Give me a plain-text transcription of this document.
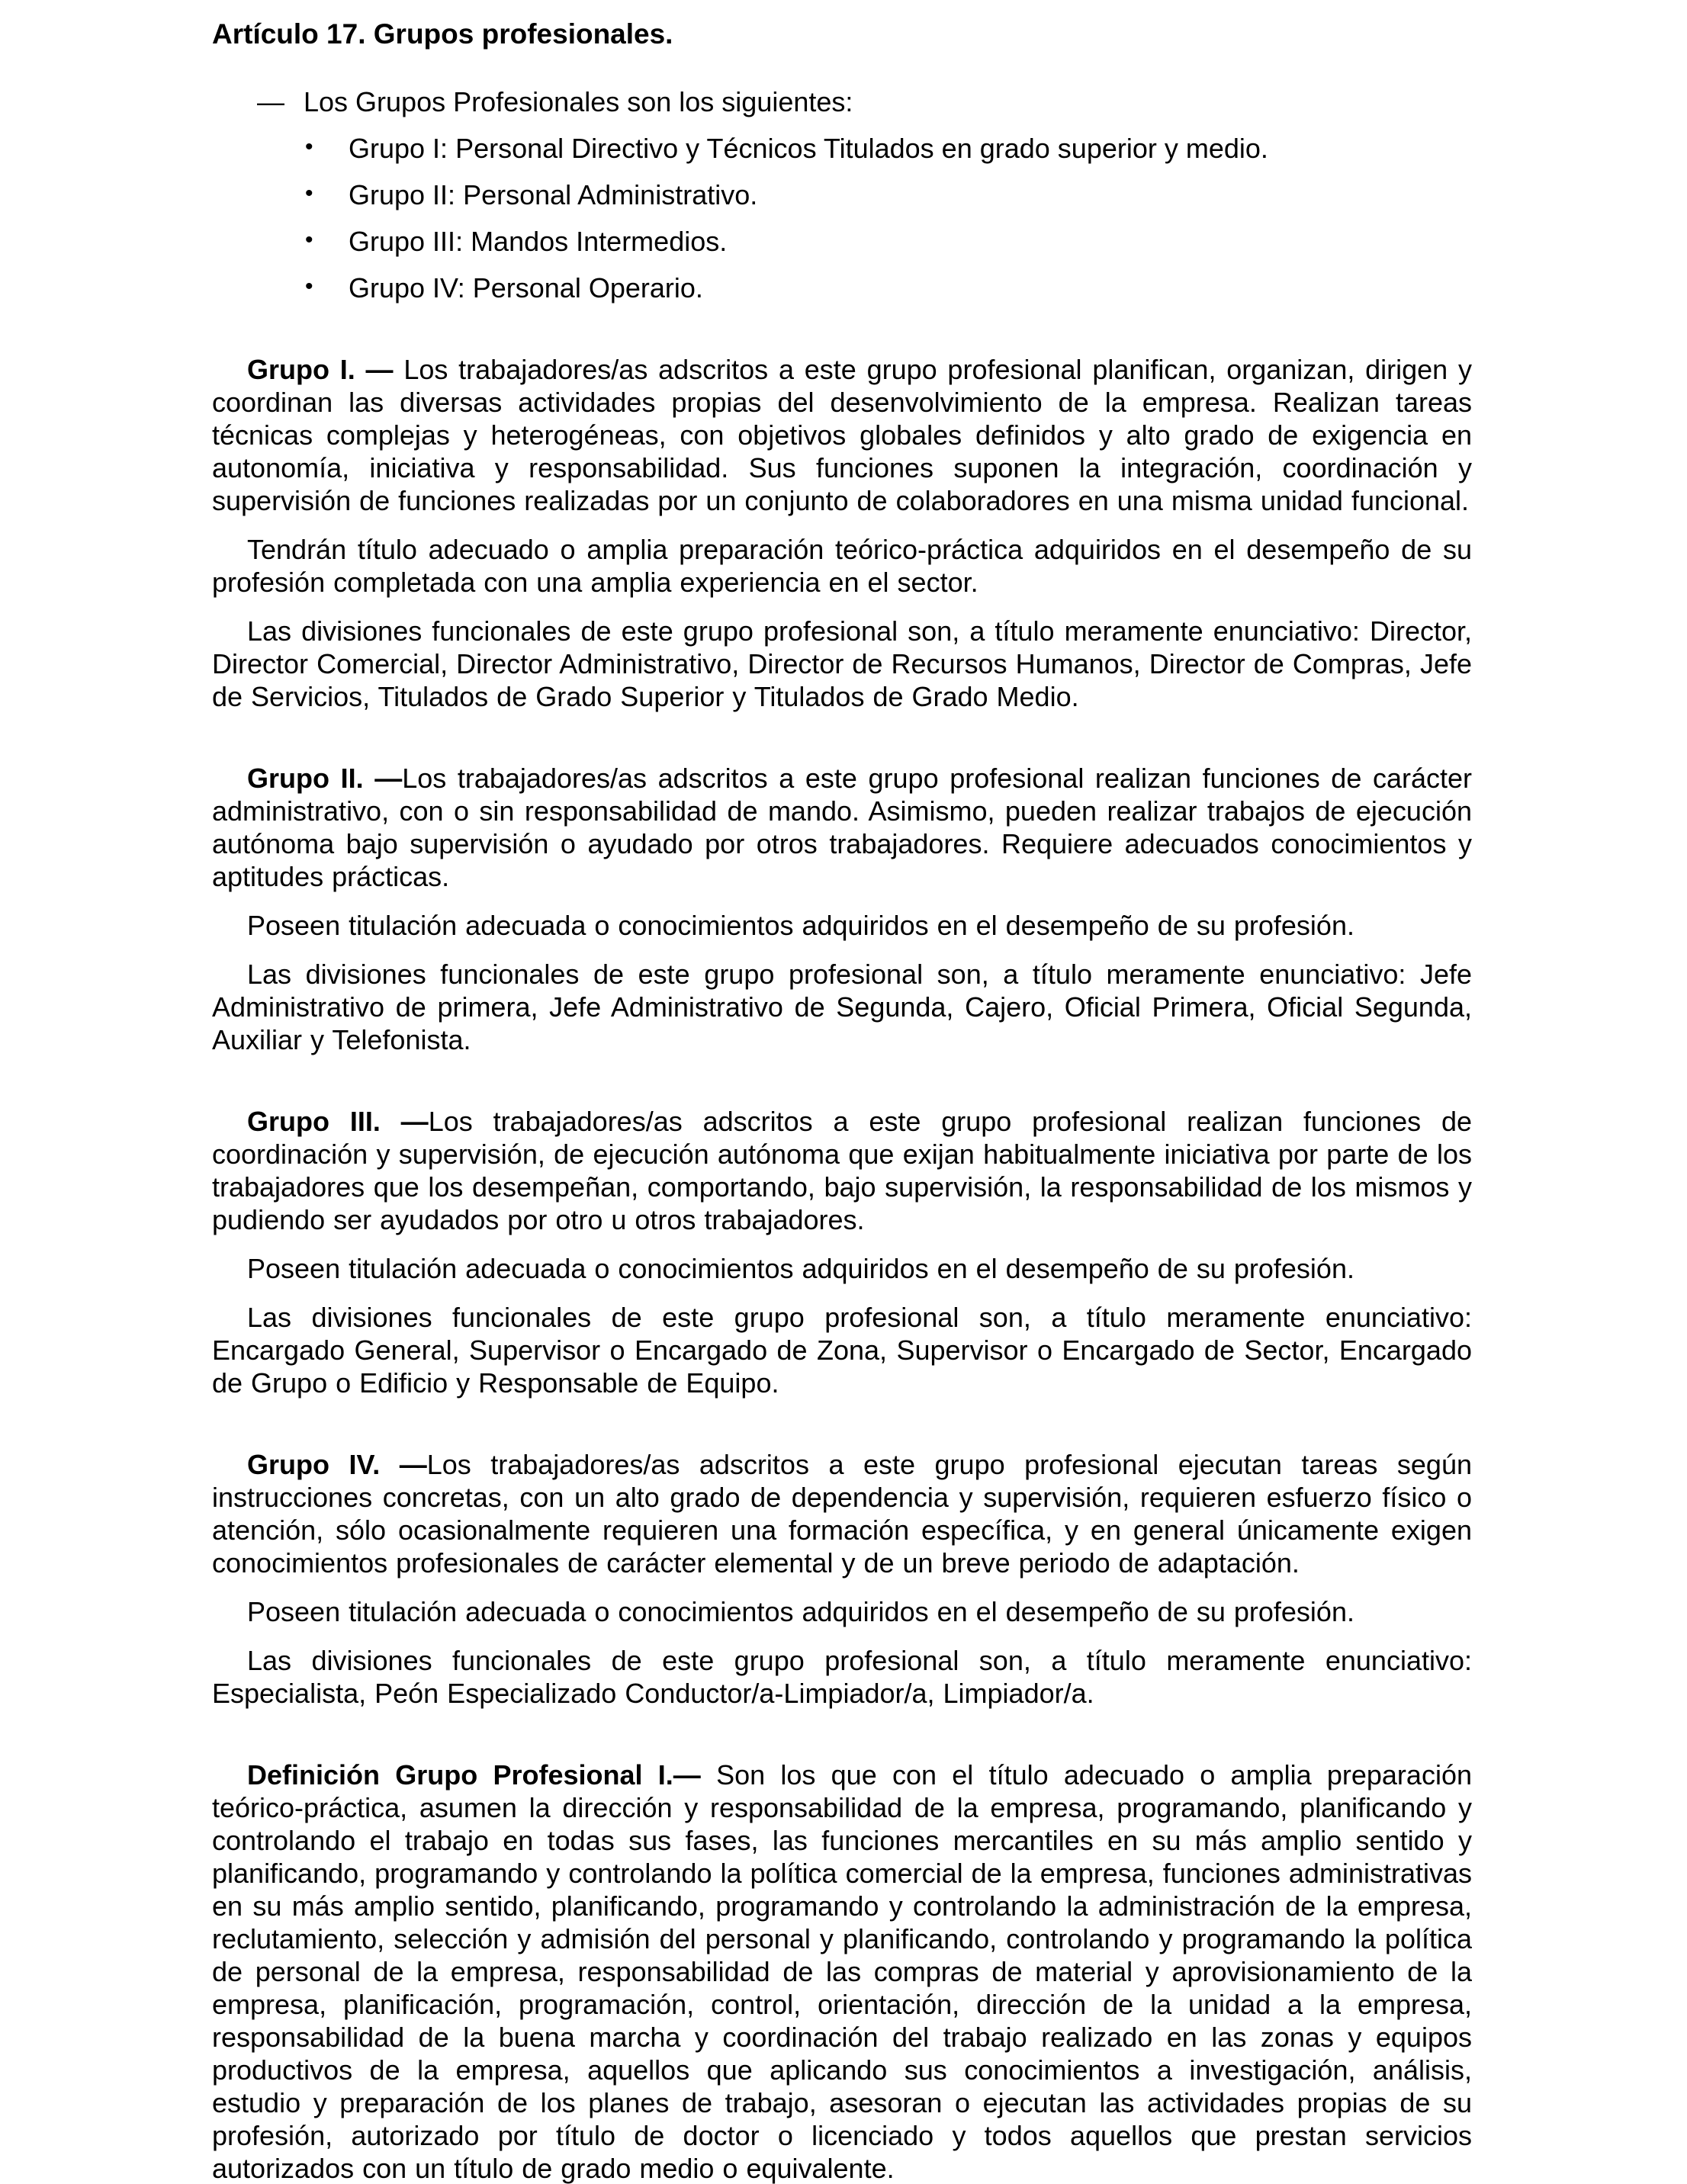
Artículo 17. Grupos profesionales.
— Los Grupos Profesionales son los siguientes:
• Grupo I: Personal Directivo y Técnicos Titulados en grado superior y medio.
• Grupo II: Personal Administrativo.
• Grupo III: Mandos Intermedios.
• Grupo IV: Personal Operario.

Grupo I. — Los trabajadores/as adscritos a este grupo profesional planifican, organizan, dirigen y coordinan las diversas actividades propias del desenvolvimiento de la empresa. Realizan tareas técnicas complejas y heterogéneas, con objetivos globales definidos y alto grado de exigencia en autonomía, iniciativa y responsabilidad. Sus funciones suponen la integración, coordinación y supervisión de funciones realizadas por un conjunto de colaboradores en una misma unidad funcional.

Tendrán título adecuado o amplia preparación teórico-práctica adquiridos en el desempeño de su profesión completada con una amplia experiencia en el sector.

Las divisiones funcionales de este grupo profesional son, a título meramente enunciativo: Director, Director Comercial, Director Administrativo, Director de Recursos Humanos, Director de Compras, Jefe de Servicios, Titulados de Grado Superior y Titulados de Grado Medio.

Grupo II. —Los trabajadores/as adscritos a este grupo profesional realizan funciones de carácter administrativo, con o sin responsabilidad de mando. Asimismo, pueden realizar trabajos de ejecución autónoma bajo supervisión o ayudado por otros trabajadores. Requiere adecuados conocimientos y aptitudes prácticas.

Poseen titulación adecuada o conocimientos adquiridos en el desempeño de su profesión.

Las divisiones funcionales de este grupo profesional son, a título meramente enunciativo: Jefe Administrativo de primera, Jefe Administrativo de Segunda, Cajero, Oficial Primera, Oficial Segunda, Auxiliar y Telefonista.

Grupo III. —Los trabajadores/as adscritos a este grupo profesional realizan funciones de coordinación y supervisión, de ejecución autónoma que exijan habitualmente iniciativa por parte de los trabajadores que los desempeñan, comportando, bajo supervisión, la responsabilidad de los mismos y pudiendo ser ayudados por otro u otros trabajadores.

Poseen titulación adecuada o conocimientos adquiridos en el desempeño de su profesión.

Las divisiones funcionales de este grupo profesional son, a título meramente enunciativo: Encargado General, Supervisor o Encargado de Zona, Supervisor o Encargado de Sector, Encargado de Grupo o Edificio y Responsable de Equipo.

Grupo IV. —Los trabajadores/as adscritos a este grupo profesional ejecutan tareas según instrucciones concretas, con un alto grado de dependencia y supervisión, requieren esfuerzo físico o atención, sólo ocasionalmente requieren una formación específica, y en general únicamente exigen conocimientos profesionales de carácter elemental y de un breve periodo de adaptación.

Poseen titulación adecuada o conocimientos adquiridos en el desempeño de su profesión.

Las divisiones funcionales de este grupo profesional son, a título meramente enunciativo: Especialista, Peón Especializado Conductor/a-Limpiador/a, Limpiador/a.

Definición Grupo Profesional I.— Son los que con el título adecuado o amplia preparación teórico-práctica, asumen la dirección y responsabilidad de la empresa, programando, planificando y controlando el trabajo en todas sus fases, las funciones mercantiles en su más amplio sentido y planificando, programando y controlando la política comercial de la empresa, funciones administrativas en su más amplio sentido, planificando, programando y controlando la administración de la empresa, reclutamiento, selección y admisión del personal y planificando, controlando y programando la política de personal de la empresa, responsabilidad de las compras de material y aprovisionamiento de la empresa, planificación, programación, control, orientación, dirección de la unidad a la empresa, responsabilidad de la buena marcha y coordinación del trabajo realizado en las zonas y equipos productivos de la empresa, aquellos que aplicando sus conocimientos a investigación, análisis, estudio y preparación de los planes de trabajo, asesoran o ejecutan las actividades propias de su profesión, autorizado por título de doctor o licenciado y todos aquellos que prestan servicios autorizados con un título de grado medio o equivalente.
